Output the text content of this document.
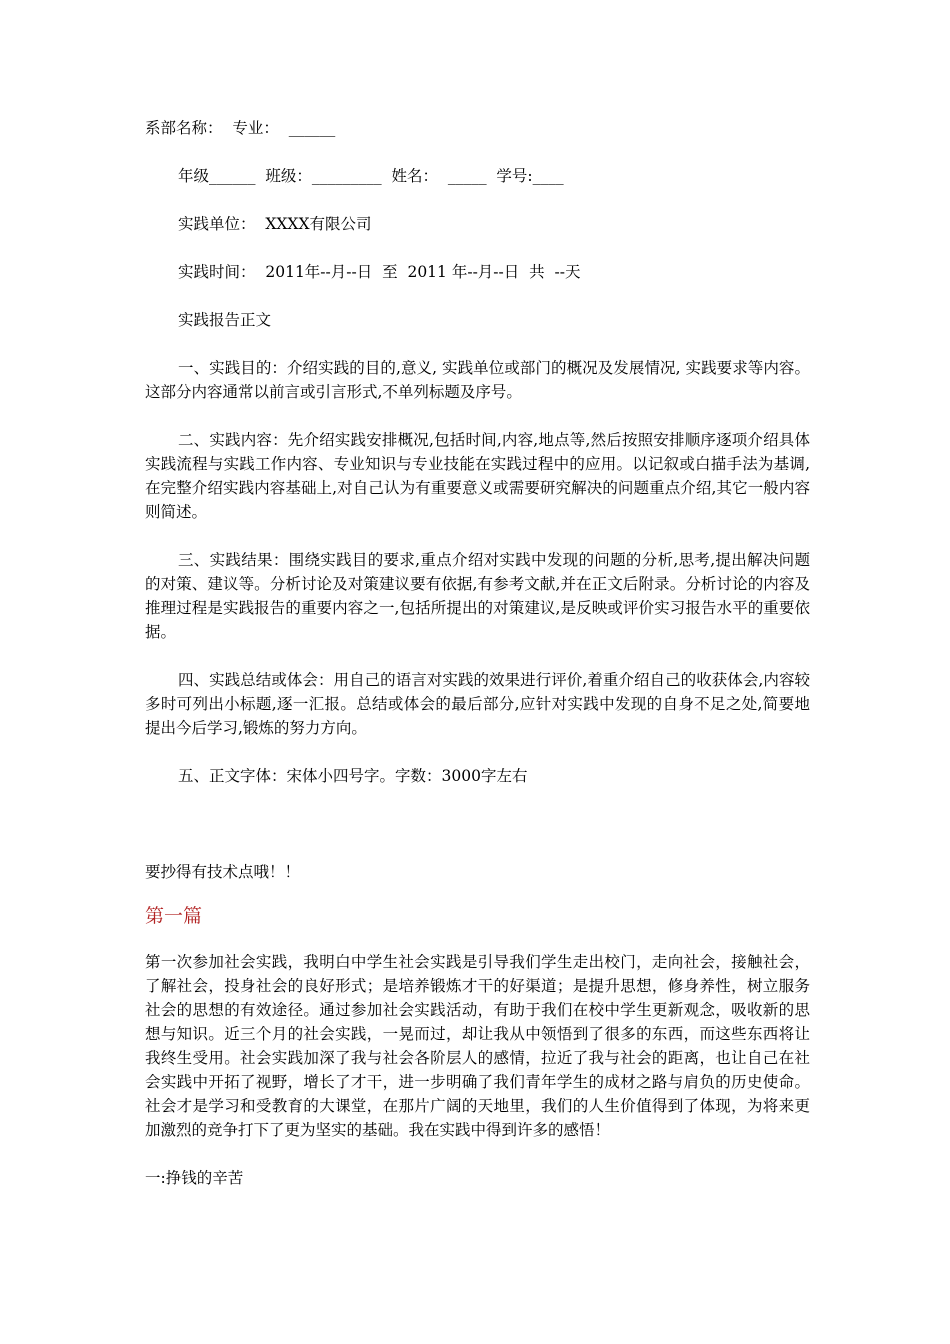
系部名称：  专业：  ______

年级______  班级：_________  姓名：  _____  学号:____

实践单位：  XXXX有限公司

实践时间：  2011年--月--日  至  2011 年--月--日  共  --天

实践报告正文

一、实践目的：介绍实践的目的,意义, 实践单位或部门的概况及发展情况, 实践要求等内容。这部分内容通常以前言或引言形式,不单列标题及序号。

二、实践内容：先介绍实践安排概况,包括时间,内容,地点等,然后按照安排顺序逐项介绍具体实践流程与实践工作内容、专业知识与专业技能在实践过程中的应用。以记叙或白描手法为基调,在完整介绍实践内容基础上,对自己认为有重要意义或需要研究解决的问题重点介绍,其它一般内容则简述。

三、实践结果：围绕实践目的要求,重点介绍对实践中发现的问题的分析,思考,提出解决问题的对策、建议等。分析讨论及对策建议要有依据,有参考文献,并在正文后附录。分析讨论的内容及推理过程是实践报告的重要内容之一,包括所提出的对策建议,是反映或评价实习报告水平的重要依据。

四、实践总结或体会：用自己的语言对实践的效果进行评价,着重介绍自己的收获体会,内容较多时可列出小标题,逐一汇报。总结或体会的最后部分,应针对实践中发现的自身不足之处,简要地提出今后学习,锻炼的努力方向。

五、正文字体：宋体小四号字。字数：3000字左右

要抄得有技术点哦！！

第一篇

第一次参加社会实践，我明白中学生社会实践是引导我们学生走出校门，走向社会，接触社会，了解社会，投身社会的良好形式；是培养锻炼才干的好渠道；是提升思想，修身养性，树立服务社会的思想的有效途径。通过参加社会实践活动，有助于我们在校中学生更新观念，吸收新的思想与知识。近三个月的社会实践，一晃而过，却让我从中领悟到了很多的东西，而这些东西将让我终生受用。社会实践加深了我与社会各阶层人的感情，拉近了我与社会的距离，也让自己在社会实践中开拓了视野，增长了才干，进一步明确了我们青年学生的成材之路与肩负的历史使命。社会才是学习和受教育的大课堂，在那片广阔的天地里，我们的人生价值得到了体现，为将来更加激烈的竞争打下了更为坚实的基础。我在实践中得到许多的感悟！

一:挣钱的辛苦
